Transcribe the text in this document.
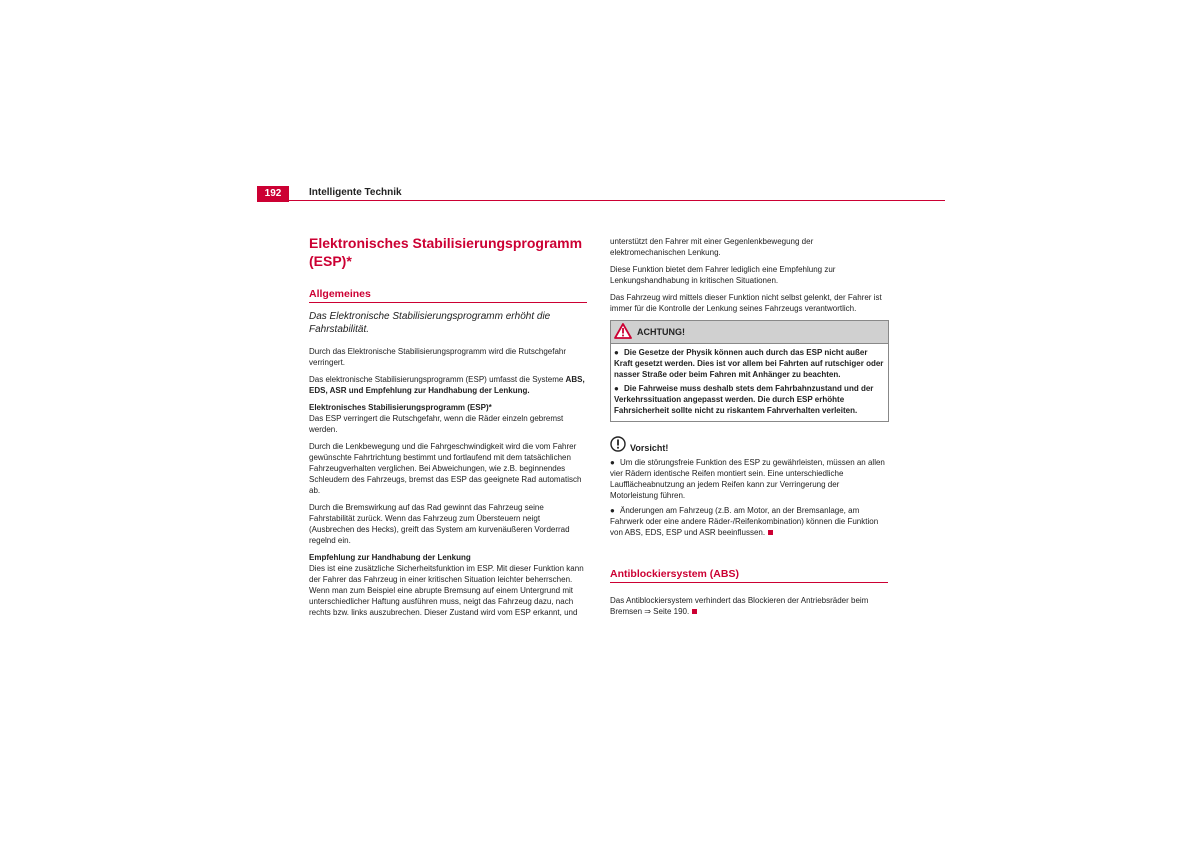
192	Intelligente Technik
Elektronisches Stabilisierungsprogramm
(ESP)*
Allgemeines

Das Elektronische Stabilisierungsprogramm erhöht die Fahrstabilität.

Durch das Elektronische Stabilisierungsprogramm wird die Rutschgefahr verringert.

Das elektronische Stabilisierungsprogramm (ESP) umfasst die Systeme ABS, EDS, ASR und Empfehlung zur Handhabung der Lenkung.

Elektronisches Stabilisierungsprogramm (ESP)*

Das ESP verringert die Rutschgefahr, wenn die Räder einzeln gebremst werden.

Durch die Lenkbewegung und die Fahrgeschwindigkeit wird die vom Fahrer gewünschte Fahrtrichtung bestimmt und fortlaufend mit dem tatsächlichen Fahrzeugverhalten verglichen. Bei Abweichungen, wie z.B. beginnendes Schleudern des Fahrzeugs, bremst das ESP das geeignete Rad automatisch ab.

Durch die Bremswirkung auf das Rad gewinnt das Fahrzeug seine Fahrstabilität zurück. Wenn das Fahrzeug zum Übersteuern neigt (Ausbrechen des Hecks), greift das System am kurvenäußeren Vorderrad regelnd ein.

Empfehlung zur Handhabung der Lenkung

Dies ist eine zusätzliche Sicherheitsfunktion im ESP. Mit dieser Funktion kann der Fahrer das Fahrzeug in einer kritischen Situation leichter beherrschen. Wenn man zum Beispiel eine abrupte Bremsung auf einem Untergrund mit unterschiedlicher Haftung ausführen muss, neigt das Fahrzeug dazu, nach rechts bzw. links auszubrechen. Dieser Zustand wird vom ESP erkannt, und

unterstützt den Fahrer mit einer Gegenlenkbewegung der elektromechanischen Lenkung.

Diese Funktion bietet dem Fahrer lediglich eine Empfehlung zur Lenkungshandhabung in kritischen Situationen.

Das Fahrzeug wird mittels dieser Funktion nicht selbst gelenkt, der Fahrer ist immer für die Kontrolle der Lenkung seines Fahrzeugs verantwortlich.

ACHTUNG!

● Die Gesetze der Physik können auch durch das ESP nicht außer Kraft gesetzt werden. Dies ist vor allem bei Fahrten auf rutschiger oder nasser Straße oder beim Fahren mit Anhänger zu beachten.

● Die Fahrweise muss deshalb stets dem Fahrbahnzustand und der Verkehrssituation angepasst werden. Die durch ESP erhöhte Fahrsicherheit sollte nicht zu riskantem Fahrverhalten verleiten.

Vorsicht!

● Um die störungsfreie Funktion des ESP zu gewährleisten, müssen an allen vier Rädern identische Reifen montiert sein. Eine unterschiedliche Laufflächeabnutzung an jedem Reifen kann zur Verringerung der Motorleistung führen.

● Änderungen am Fahrzeug (z.B. am Motor, an der Bremsanlage, am Fahrwerk oder eine andere Räder-/Reifenkombination) können die Funktion von ABS, EDS, ESP und ASR beeinflussen.

Antiblockiersystem (ABS)

Das Antiblockiersystem verhindert das Blockieren der Antriebsräder beim Bremsen ⇒ Seite 190.
